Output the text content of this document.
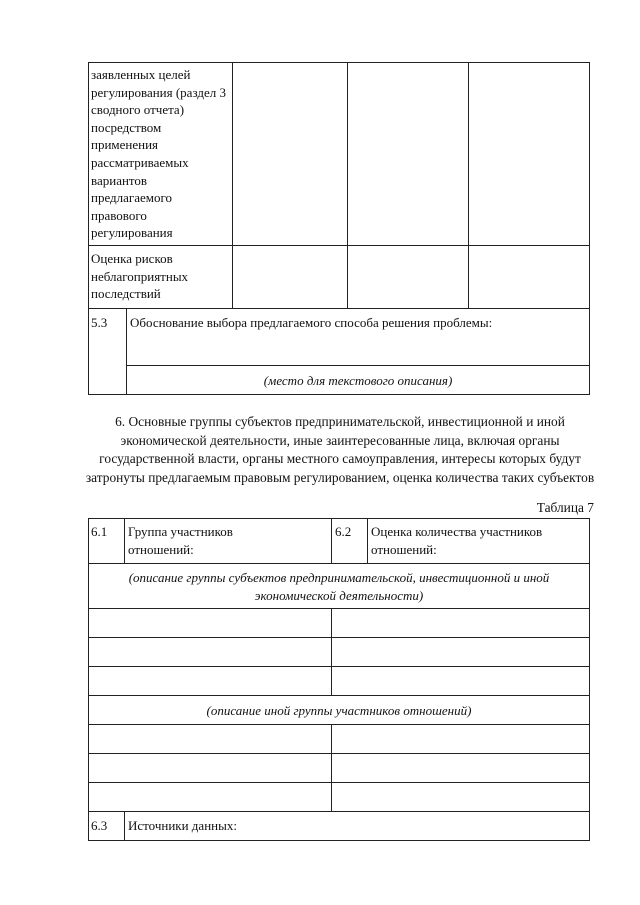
заявленных целей регулирования (раздел 3 сводного отчета) посредством применения рассматриваемых вариантов предлагаемого правового регулирования
Оценка рисков неблагоприятных последствий
5.3 Обоснование выбора предлагаемого способа решения проблемы:
(место для текстового описания)
6. Основные группы субъектов предпринимательской, инвестиционной и иной экономической деятельности, иные заинтересованные лица, включая органы государственной власти, органы местного самоуправления, интересы которых будут затронуты предлагаемым правовым регулированием, оценка количества таких субъектов
Таблица 7
6.1 Группа участников отношений:
6.2 Оценка количества участников отношений:
(описание группы субъектов предпринимательской, инвестиционной и иной экономической деятельности)
(описание иной группы участников отношений)
6.3 Источники данных:
